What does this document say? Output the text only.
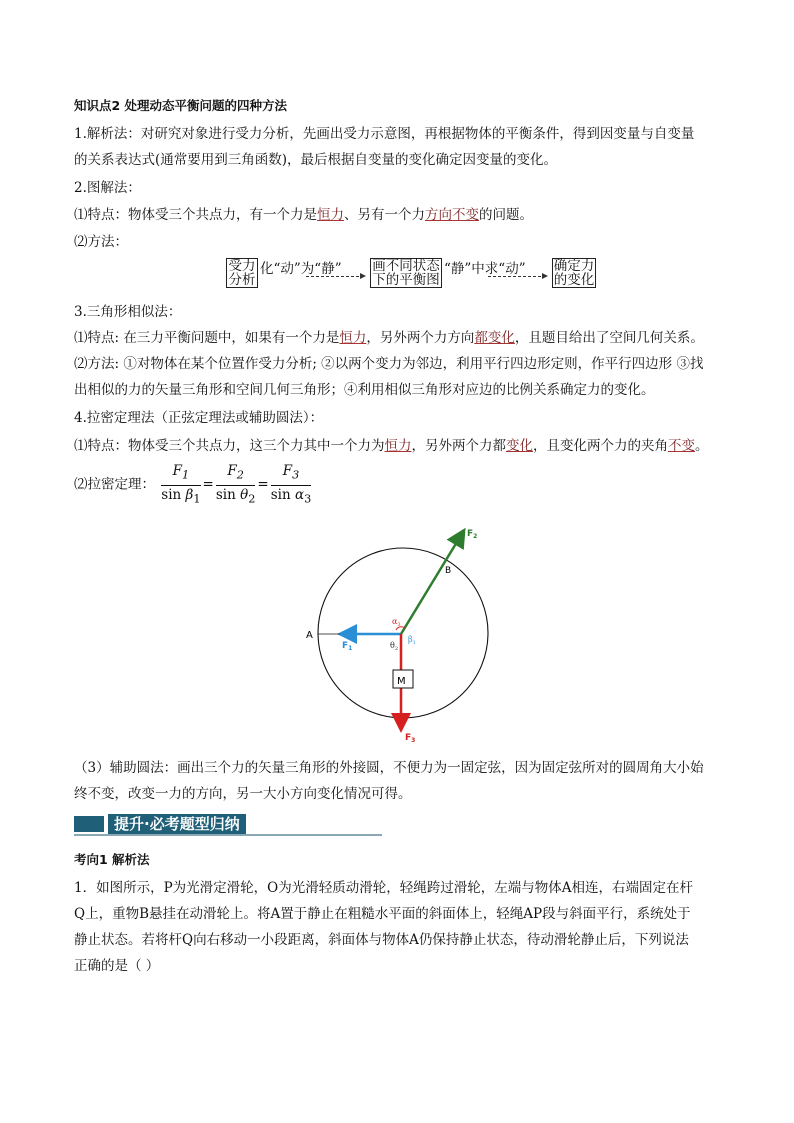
知识点2 处理动态平衡问题的四种方法
1.解析法：对研究对象进行受力分析，先画出受力示意图，再根据物体的平衡条件，得到因变量与自变量
的关系表达式(通常要用到三角函数)，最后根据自变量的变化确定因变量的变化。
2.图解法：
⑴特点：物体受三个共点力，有一个力是恒力、另有一个力方向不变的问题。
⑵方法：
受力
分析
化“动”为“静” 画不同状态
下的平衡图
“静”中求“动” 确定力
的变化
3.三角形相似法：
⑴特点: 在三力平衡问题中，如果有一个力是恒力，另外两个力方向都变化，且题目给出了空间几何关系。
⑵方法: ①对物体在某个位置作受力分析; ②以两个变力为邻边，利用平行四边形定则，作平行四边形 ③找
出相似的力的矢量三角形和空间几何三角形；④利用相似三角形对应边的比例关系确定力的变化。
4.拉密定理法（正弦定理法或辅助圆法）：
⑴特点：物体受三个共点力，这三个力其中一个力为恒力，另外两个力都变化，且变化两个力的夹角不变。
⑵拉密定理： $\frac{F_1}{\sin \beta_1} = \frac{F_2}{\sin \theta_2} = \frac{F_3}{\sin \alpha_3}$
M
A
B
$F_1$
$F_2$
$F_3$
$\alpha_3$
$\beta_1$
$\theta_2$
（3）辅助圆法：画出三个力的矢量三角形的外接圆，不便力为一固定弦，因为固定弦所对的圆周角大小始
终不变，改变一力的方向，另一大小方向变化情况可得。
提升·必考题型归纳
考向1 解析法
1．如图所示，P为光滑定滑轮，O为光滑轻质动滑轮，轻绳跨过滑轮，左端与物体A相连，右端固定在杆
Q上，重物B悬挂在动滑轮上。将A置于静止在粗糙水平面的斜面体上，轻绳AP段与斜面平行，系统处于
静止状态。若将杆Q向右移动一小段距离，斜面体与物体A仍保持静止状态，待动滑轮静止后，下列说法
正确的是（ ）
